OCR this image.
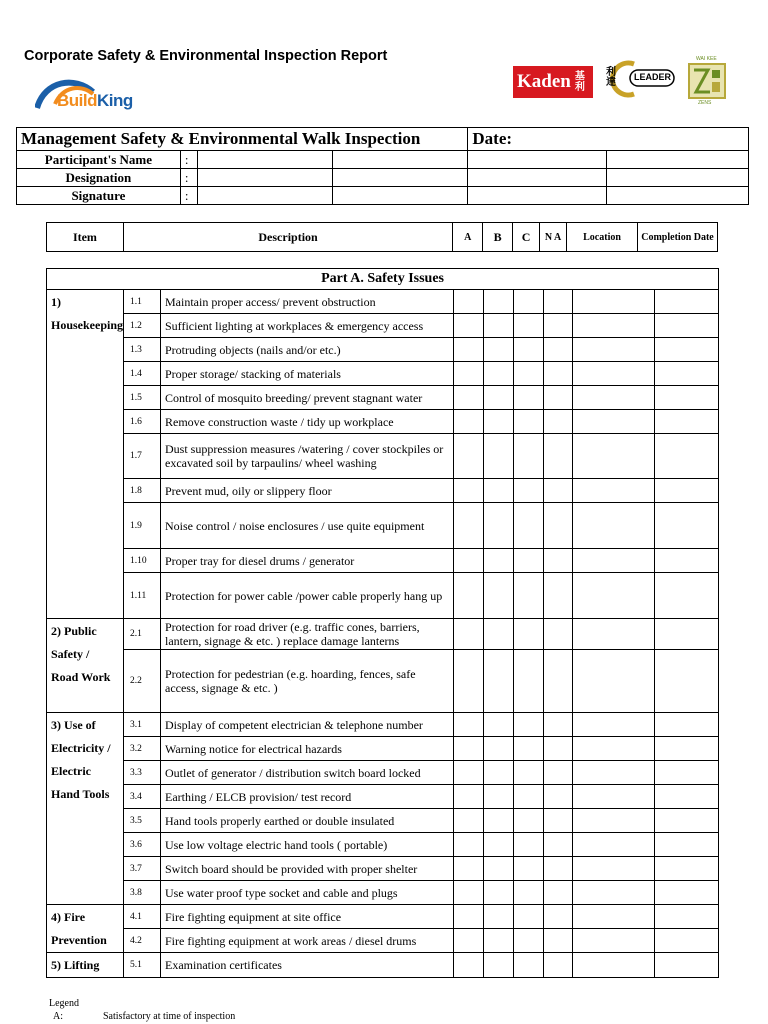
Corporate Safety & Environmental Inspection Report
BuildKing
Kaden 基利
利達	LEADER
WAI KEE
ZENS
Management Safety & Environmental Walk Inspection				Date:	
Participant's Name	:				
Designation	:				
Signature	:				
Item	Description	A	B	C	N A	Location	Completion Date
Part A. Safety Issues								
1) Housekeeping	1.1	Maintain proper access/ prevent obstruction						
	1.2	Sufficient lighting at workplaces & emergency access						
	1.3	Protruding objects (nails and/or etc.)						
	1.4	Proper storage/ stacking of materials						
	1.5	Control of mosquito breeding/ prevent stagnant water						
	1.6	Remove construction waste / tidy up workplace						
	1.7	Dust suppression measures /watering / cover stockpiles or excavated soil by tarpaulins/ wheel washing						
	1.8	Prevent mud, oily or slippery floor						
	1.9	Noise control / noise enclosures / use quite equipment						
	1.10	Proper tray for diesel drums / generator						
	1.11	Protection for power cable /power cable properly hang up						
2) Public Safety / Road Work	2.1	Protection for road driver (e.g. traffic cones, barriers, lantern, signage & etc. ) replace damage lanterns						
	2.2	Protection for pedestrian (e.g. hoarding, fences, safe access, signage & etc. )						
3) Use of Electricity / Electric Hand Tools	3.1	Display of competent electrician & telephone number						
	3.2	Warning notice for electrical hazards						
	3.3	Outlet of generator / distribution switch board locked						
	3.4	Earthing / ELCB provision/ test record						
	3.5	Hand tools properly earthed or double insulated						
	3.6	Use low voltage electric hand tools ( portable)						
	3.7	Switch board should be provided with proper shelter						
	3.8	Use water proof type socket and cable and plugs						
4) Fire Prevention	4.1	Fire fighting equipment at site office						
	4.2	Fire fighting equipment at work areas / diesel drums						
5) Lifting	5.1	Examination certificates						
Legend
A:	Satisfactory at time of inspection
